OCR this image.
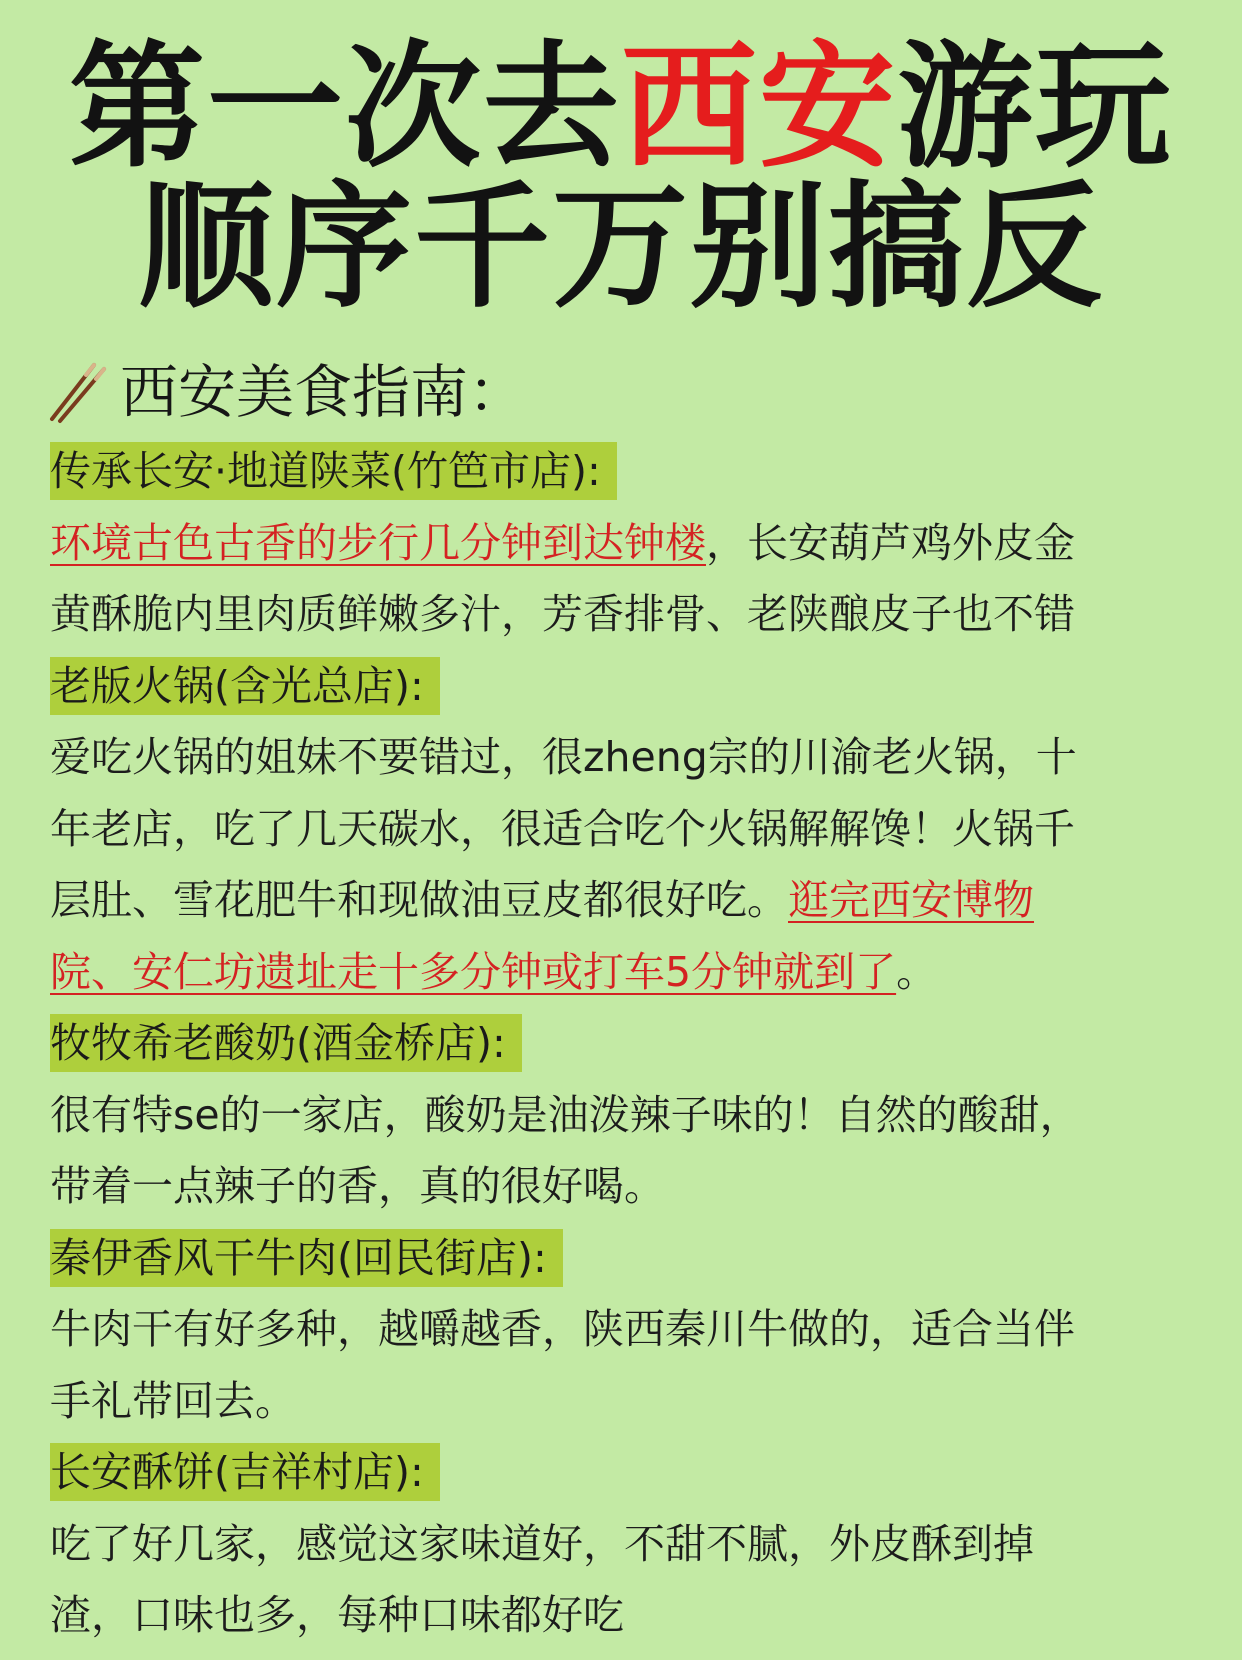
第一次去西安游玩
顺序千万别搞反
西安美食指南：
传承长安·地道陕菜(竹笆市店):
环境古色古香的步行几分钟到达钟楼，长安葫芦鸡外皮金
黄酥脆内里肉质鲜嫩多汁，芳香排骨、老陕酿皮子也不错
老版火锅(含光总店):
爱吃火锅的姐妹不要错过，很zheng宗的川渝老火锅，十
年老店，吃了几天碳水，很适合吃个火锅解解馋！火锅千
层肚、雪花肥牛和现做油豆皮都很好吃。逛完西安博物
院、安仁坊遗址走十多分钟或打车5分钟就到了。
牧牧希老酸奶(酒金桥店):
很有特se的一家店，酸奶是油泼辣子味的！自然的酸甜，
带着一点辣子的香，真的很好喝。
秦伊香风干牛肉(回民街店):
牛肉干有好多种，越嚼越香，陕西秦川牛做的，适合当伴
手礼带回去。
长安酥饼(吉祥村店):
吃了好几家，感觉这家味道好，不甜不腻，外皮酥到掉
渣，口味也多，每种口味都好吃
